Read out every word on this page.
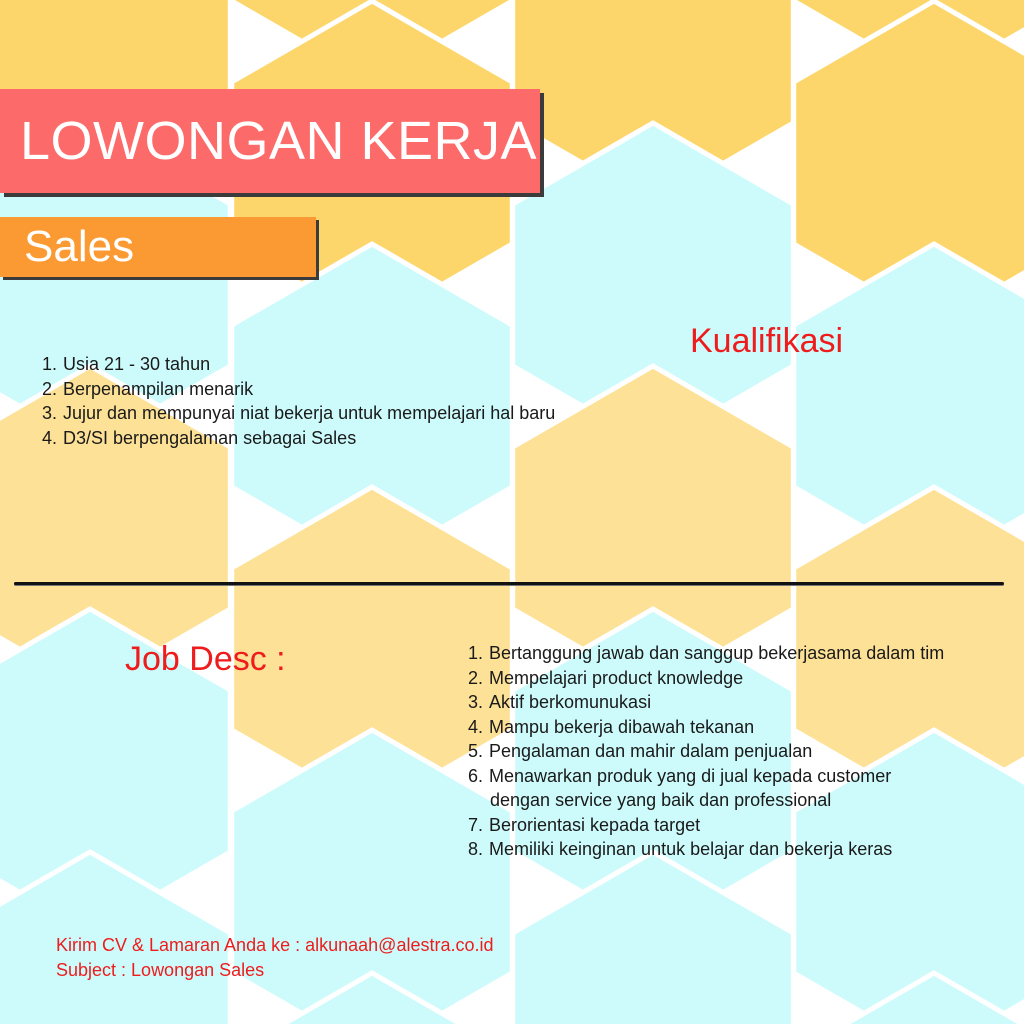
LOWONGAN KERJA
Sales
Kualifikasi
1. Usia 21 - 30 tahun
2. Berpenampilan menarik
3. Jujur dan mempunyai niat bekerja untuk mempelajari hal baru
4. D3/SI berpengalaman sebagai Sales
Job Desc :	1. Bertanggung jawab dan sanggup bekerjasama dalam tim
2. Mempelajari product knowledge
3. Aktif berkomunukasi
4. Mampu bekerja dibawah tekanan
5. Pengalaman dan mahir dalam penjualan
6. Menawarkan produk yang di jual kepada customer
dengan service yang baik dan professional
7. Berorientasi kepada target
8. Memiliki keinginan untuk belajar dan bekerja keras
Kirim CV & Lamaran Anda ke : alkunaah@alestra.co.id
Subject : Lowongan Sales
